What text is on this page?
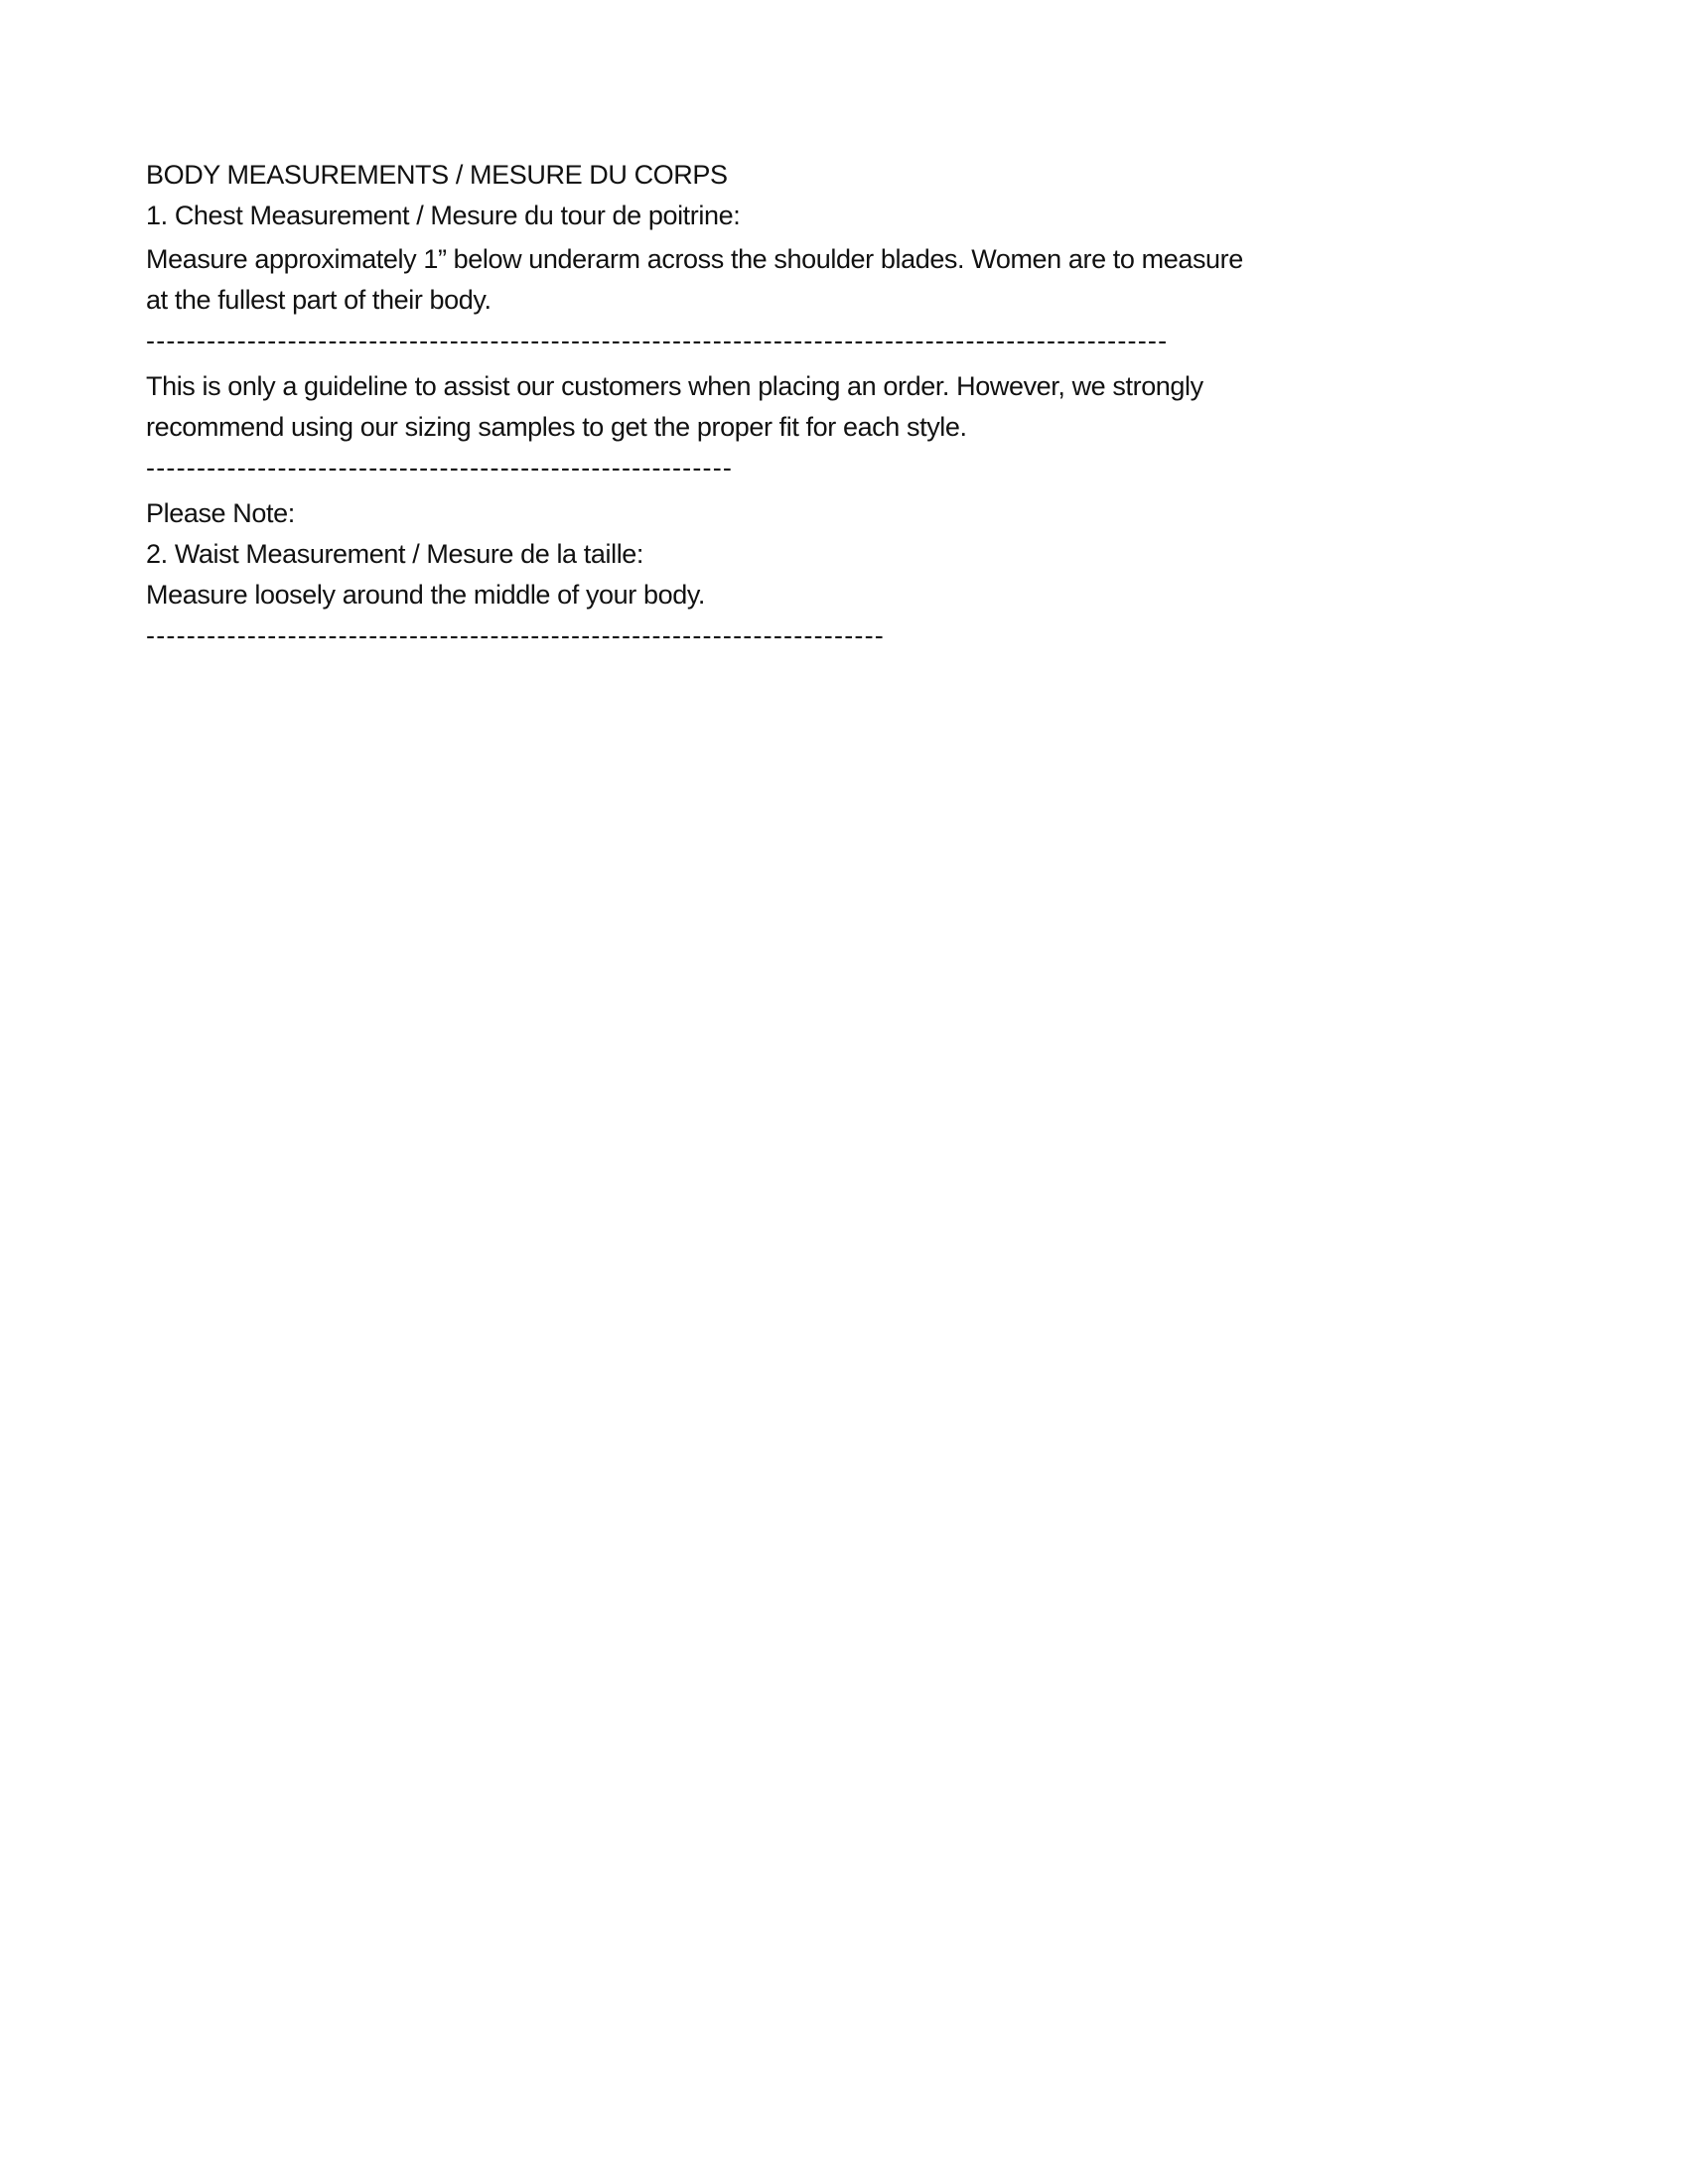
BODY MEASUREMENTS / MESURE DU CORPS
1. Chest Measurement / Mesure du tour de poitrine:
Measure approximately 1” below underarm across the shoulder blades. Women are to measure
at the fullest part of their body.
-----------------------------------------------------------------------------------------------------
This is only a guideline to assist our customers when placing an order. However, we strongly
recommend using our sizing samples to get the proper fit for each style.
----------------------------------------------------------
Please Note:
2. Waist Measurement / Mesure de la taille:
Measure loosely around the middle of your body.
-------------------------------------------------------------------------
